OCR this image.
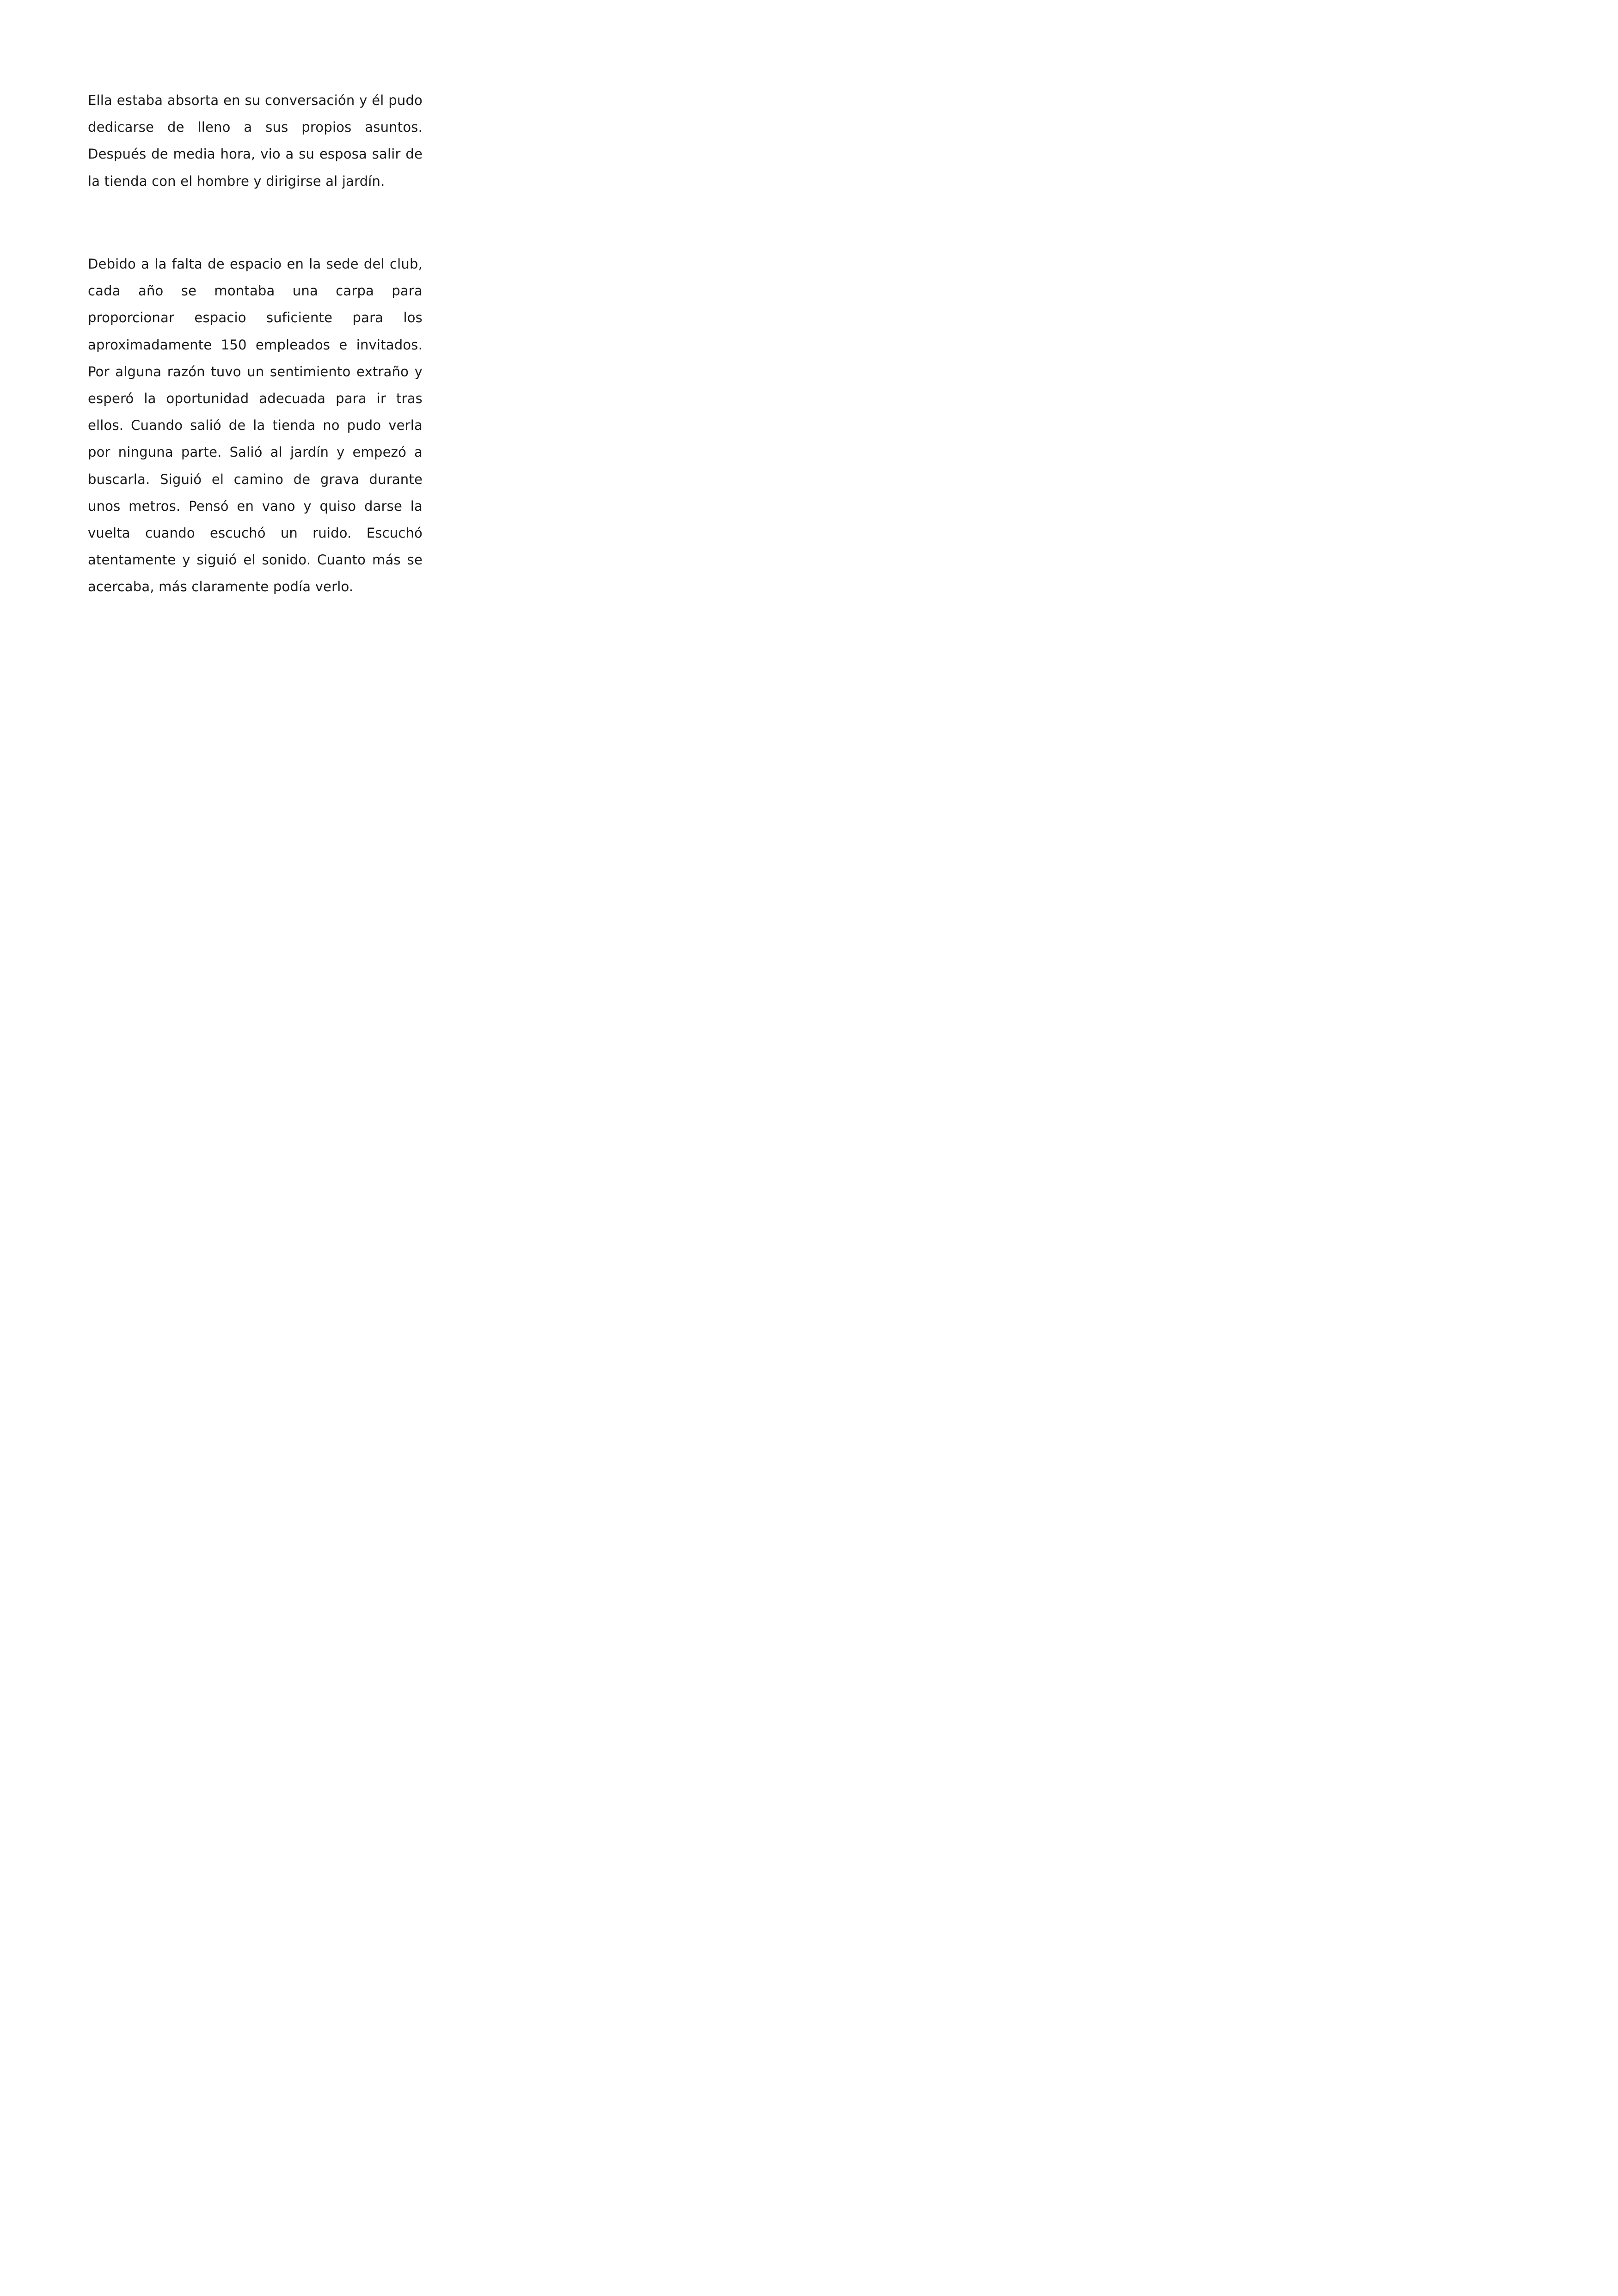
Ella estaba absorta en su conversación y él pudo dedicarse de lleno a sus propios asuntos. Después de media hora, vio a su esposa salir de la tienda con el hombre y dirigirse al jardín.

Debido a la falta de espacio en la sede del club, cada año se montaba una carpa para proporcionar espacio suficiente para los aproximadamente 150 empleados e invitados. Por alguna razón tuvo un sentimiento extraño y esperó la oportunidad adecuada para ir tras ellos. Cuando salió de la tienda no pudo verla por ninguna parte. Salió al jardín y empezó a buscarla. Siguió el camino de grava durante unos metros. Pensó en vano y quiso darse la vuelta cuando escuchó un ruido. Escuchó atentamente y siguió el sonido. Cuanto más se acercaba, más claramente podía verlo.
